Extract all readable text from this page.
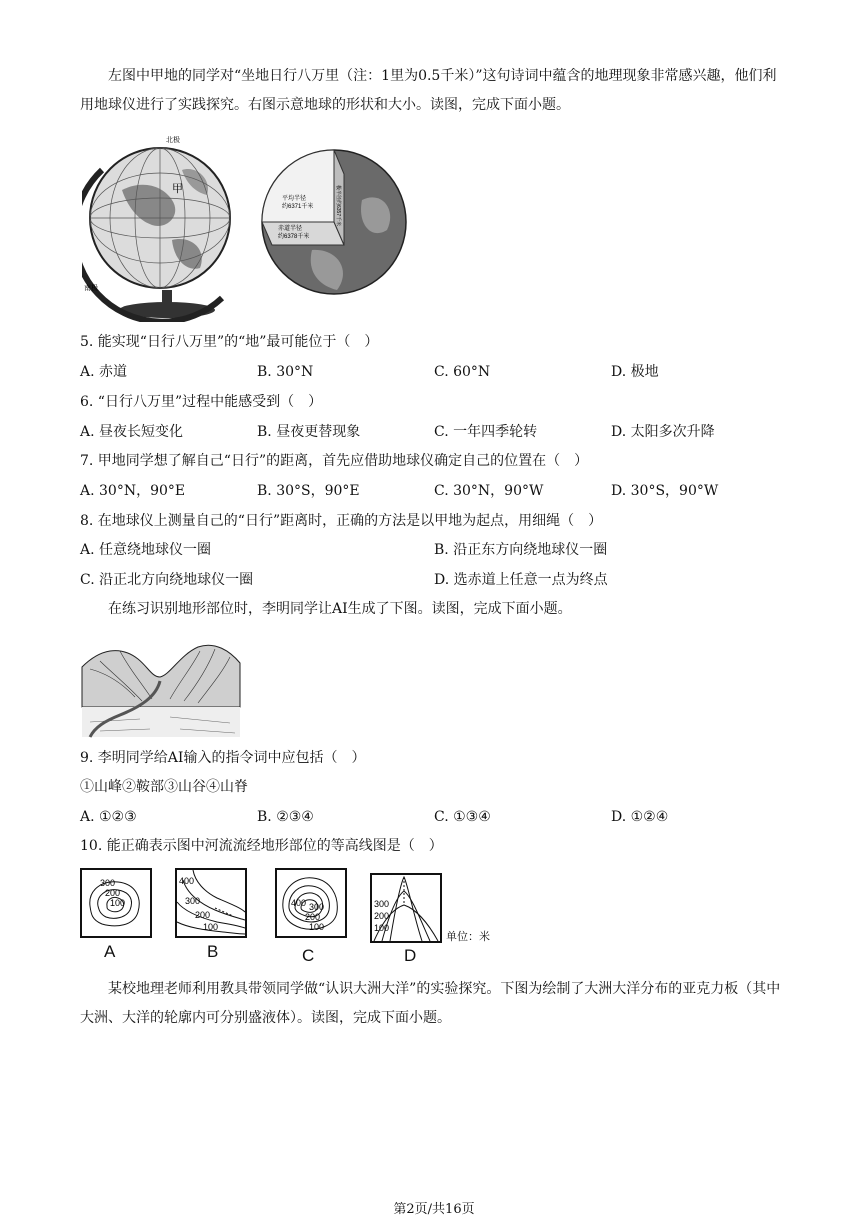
左图中甲地的同学对“坐地日行八万里（注：1里为0.5千米）”这句诗词中蕴含的地理现象非常感兴趣，他们利用地球仪进行了实践探究。右图示意地球的形状和大小。读图，完成下面小题。
甲
南极
北极
平均半径
约6371千米
赤道半径
约6378千米
极半径约6357千米
5. 能实现“日行八万里”的“地”最可能位于（　）
A. 赤道	B. 30°N	C. 60°N	D. 极地
6. “日行八万里”过程中能感受到（　）
A. 昼夜长短变化	B. 昼夜更替现象	C. 一年四季轮转	D. 太阳多次升降
7. 甲地同学想了解自己“日行”的距离，首先应借助地球仪确定自己的位置在（　）
A. 30°N，90°E	B. 30°S，90°E	C. 30°N，90°W	D. 30°S，90°W
8. 在地球仪上测量自己的“日行”距离时，正确的方法是以甲地为起点，用细绳（　）
A. 任意绕地球仪一圈	B. 沿正东方向绕地球仪一圈
C. 沿正北方向绕地球仪一圈	D. 选赤道上任意一点为终点
在练习识别地形部位时，李明同学让AI生成了下图。读图，完成下面小题。
9. 李明同学给AI输入的指令词中应包括（　）
①山峰②鞍部③山谷④山脊
A. ①②③	B. ②③④	C. ①③④	D. ①②④
10. 能正确表示图中河流流经地形部位的等高线图是（　）
300
200
100
A
400
300
200
100
B
400 300
200
100
C
300
200
100
单位：米
D
某校地理老师利用教具带领同学做“认识大洲大洋”的实验探究。下图为绘制了大洲大洋分布的亚克力板（其中大洲、大洋的轮廓内可分别盛液体）。读图，完成下面小题。
第2页/共16页
